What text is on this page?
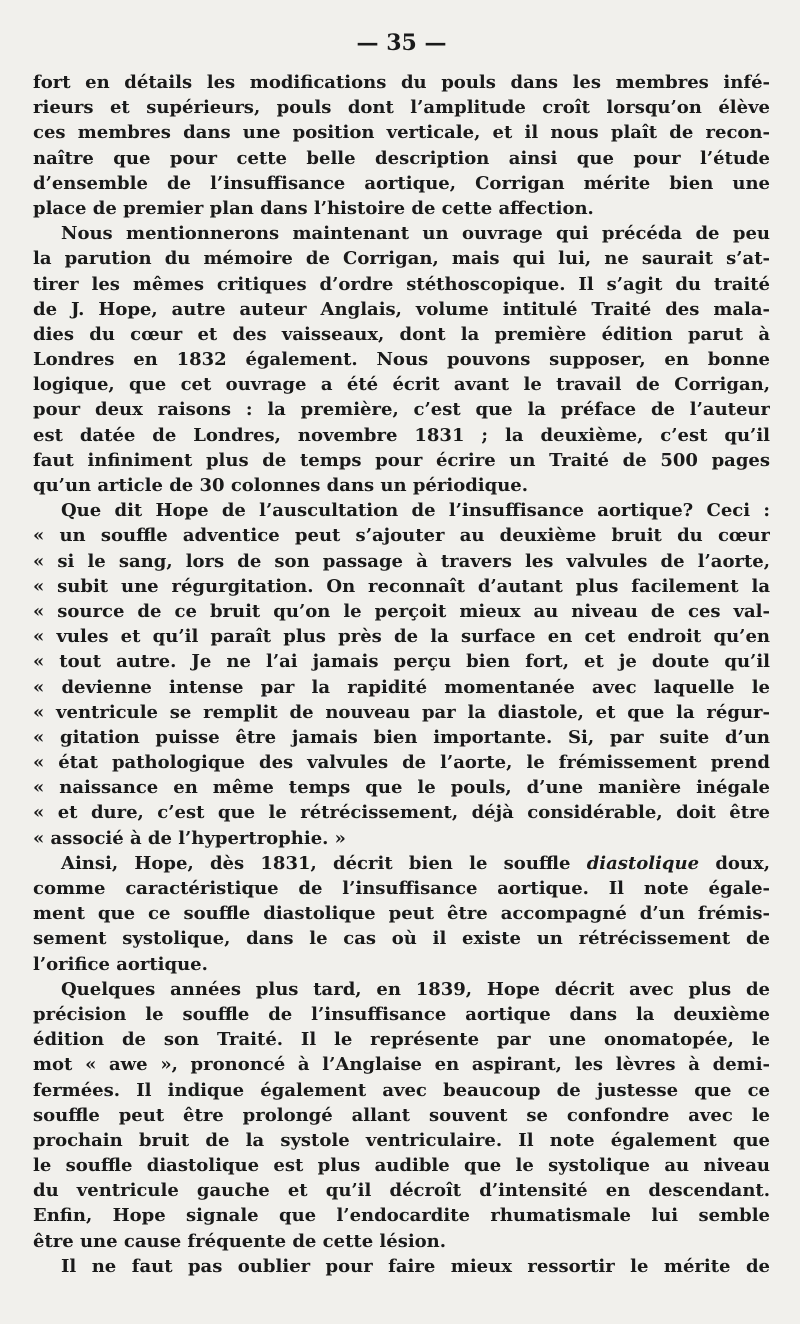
— 35 —
fort en détails les modifications du pouls dans les membres infé-
rieurs et supérieurs, pouls dont l’amplitude croît lorsqu’on élève
ces membres dans une position verticale, et il nous plaît de recon-
naître que pour cette belle description ainsi que pour l’étude
d’ensemble de l’insuffisance aortique, Corrigan mérite bien une
place de premier plan dans l’histoire de cette affection.
Nous mentionnerons maintenant un ouvrage qui précéda de peu
la parution du mémoire de Corrigan, mais qui lui, ne saurait s’at-
tirer les mêmes critiques d’ordre stéthoscopique. Il s’agit du traité
de J. Hope, autre auteur Anglais, volume intitulé Traité des mala-
dies du cœur et des vaisseaux, dont la première édition parut à
Londres en 1832 également. Nous pouvons supposer, en bonne
logique, que cet ouvrage a été écrit avant le travail de Corrigan,
pour deux raisons : la première, c’est que la préface de l’auteur
est datée de Londres, novembre 1831 ; la deuxième, c’est qu’il
faut infiniment plus de temps pour écrire un Traité de 500 pages
qu’un article de 30 colonnes dans un périodique.
Que dit Hope de l’auscultation de l’insuffisance aortique? Ceci :
« un souffle adventice peut s’ajouter au deuxième bruit du cœur
« si le sang, lors de son passage à travers les valvules de l’aorte,
« subit une régurgitation. On reconnaît d’autant plus facilement la
« source de ce bruit qu’on le perçoit mieux au niveau de ces val-
« vules et qu’il paraît plus près de la surface en cet endroit qu’en
« tout autre. Je ne l’ai jamais perçu bien fort, et je doute qu’il
« devienne intense par la rapidité momentanée avec laquelle le
« ventricule se remplit de nouveau par la diastole, et que la régur-
« gitation puisse être jamais bien importante. Si, par suite d’un
« état pathologique des valvules de l’aorte, le frémissement prend
« naissance en même temps que le pouls, d’une manière inégale
« et dure, c’est que le rétrécissement, déjà considérable, doit être
« associé à de l’hypertrophie. »
Ainsi, Hope, dès 1831, décrit bien le souffle diastolique doux,
comme caractéristique de l’insuffisance aortique. Il note égale-
ment que ce souffle diastolique peut être accompagné d’un frémis-
sement systolique, dans le cas où il existe un rétrécissement de
l’orifice aortique.
Quelques années plus tard, en 1839, Hope décrit avec plus de
précision le souffle de l’insuffisance aortique dans la deuxième
édition de son Traité. Il le représente par une onomatopée, le
mot « awe », prononcé à l’Anglaise en aspirant, les lèvres à demi-
fermées. Il indique également avec beaucoup de justesse que ce
souffle peut être prolongé allant souvent se confondre avec le
prochain bruit de la systole ventriculaire. Il note également que
le souffle diastolique est plus audible que le systolique au niveau
du ventricule gauche et qu’il décroît d’intensité en descendant.
Enfin, Hope signale que l’endocardite rhumatismale lui semble
être une cause fréquente de cette lésion.
Il ne faut pas oublier pour faire mieux ressortir le mérite de
